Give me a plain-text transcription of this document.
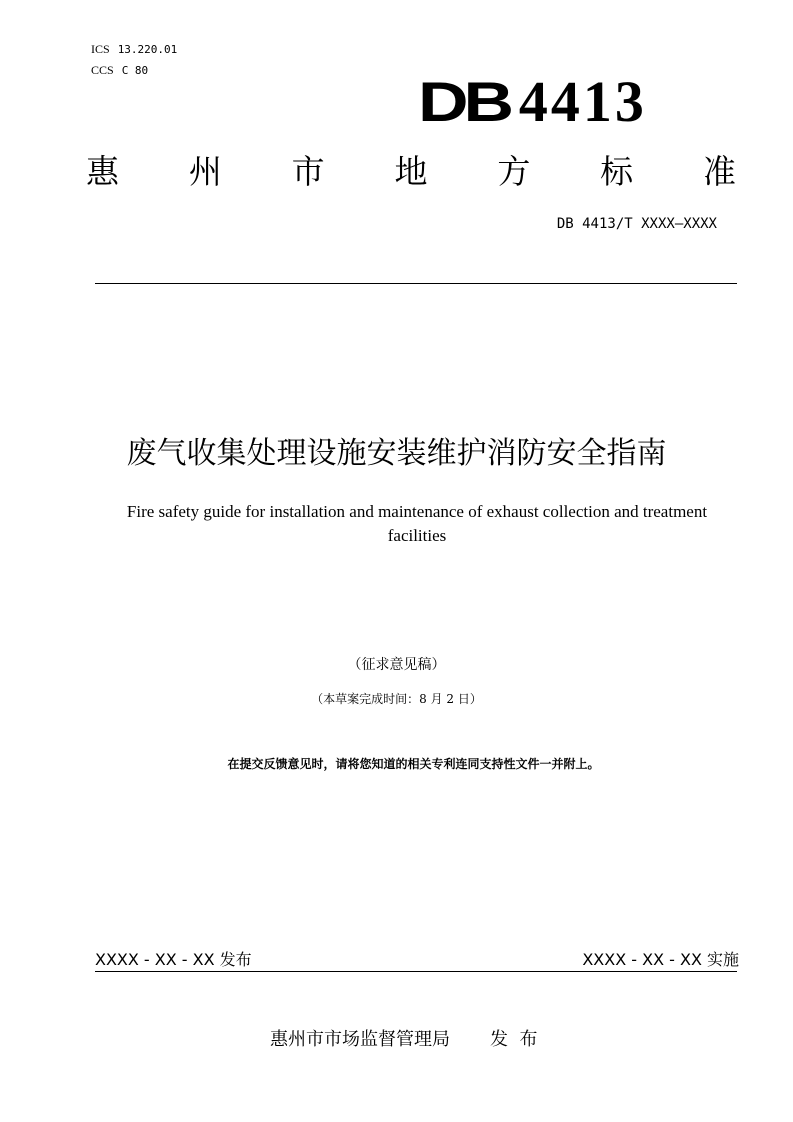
ICS 13.220.01
CCS C 80	DB 4413
惠 州 市 地 方 标 准
DB 4413/T XXXX—XXXX
废气收集处理设施安装维护消防安全指南
Fire safety guide for installation and maintenance of exhaust collection and treatment facilities
（征求意见稿）
（本草案完成时间：8 月 2 日）
在提交反馈意见时，请将您知道的相关专利连同支持性文件一并附上。
XXXX - XX - XX 发布	XXXX - XX - XX 实施
惠州市市场监督管理局 发  布
